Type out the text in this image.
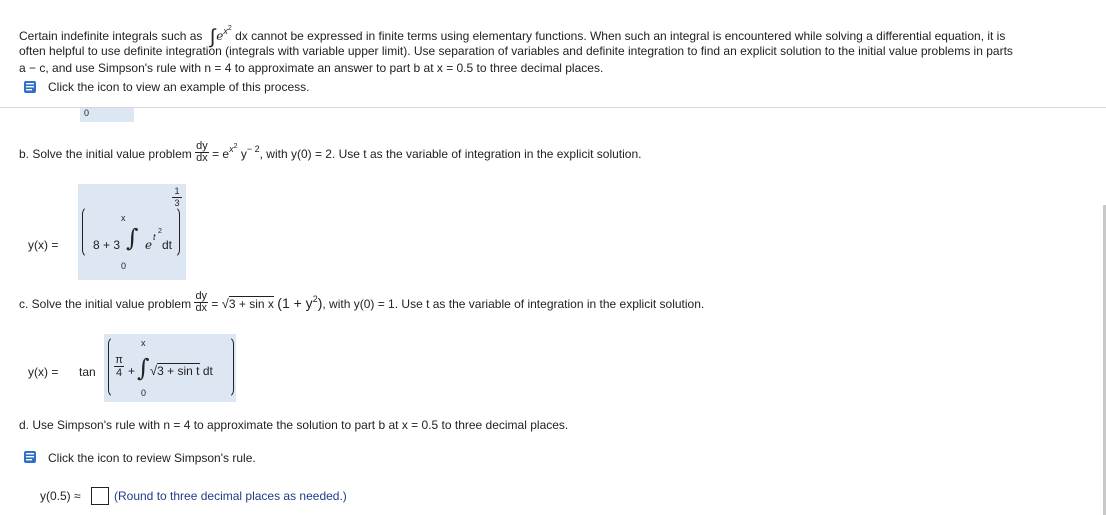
Certain indefinite integrals such as $\int e^{x2}$ dx cannot be expressed in finite terms using elementary functions. When such an integral is encountered while solving a differential equation, it is
often helpful to use definite integration (integrals with variable upper limit). Use separation of variables and definite integration to find an explicit solution to the initial value problems in parts
a − c, and use Simpson's rule with n = 4 to approximate an answer to part b at x = 0.5 to three decimal places.
Click the icon to view an example of this process.
0
b. Solve the initial value problem $\frac{dy}{dx} = e^{x2}$ $y^{- 2}$, with y(0) = 2. Use t as the variable of integration in the explicit solution.
y(x) =	8 + 3 ∫
x
0
e
t
2
dt
$\frac{1}{3}$
c. Solve the initial value problem $\frac{dy}{dx} = √3 + \sin x$ $(1 + y^2)$, with y(0) = 1. Use t as the variable of integration in the explicit solution.
$y(x) = \tan \frac{\pi}{4}$ + ∫
x
0
√3 + sin t dt
d. Use Simpson's rule with n = 4 to approximate the solution to part b at x = 0.5 to three decimal places.
Click the icon to review Simpson's rule.
y(0.5) ≈	(Round to three decimal places as needed.)
